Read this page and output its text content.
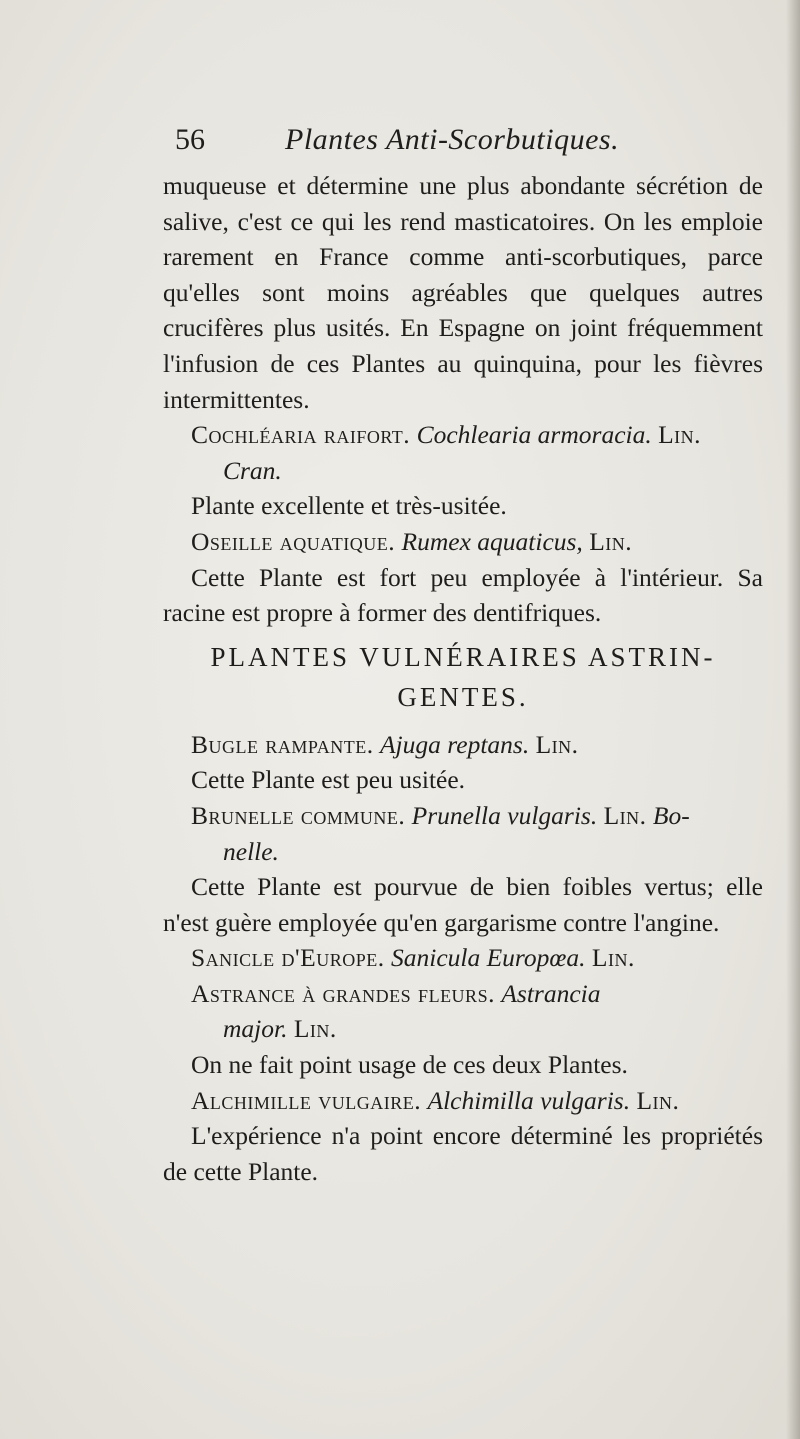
56	Plantes Anti-Scorbutiques.

muqueuse et détermine une plus abondante sécrétion de salive, c'est ce qui les rend masticatoires. On les emploie rarement en France comme anti-scorbutiques, parce qu'elles sont moins agréables que quelques autres crucifères plus usités. En Espagne on joint fréquemment l'infusion de ces Plantes au quinquina, pour les fièvres intermittentes.

Cochléaria raifort. Cochlearia armoracia. Lin.
Cran.

Plante excellente et très-usitée.

Oseille aquatique. Rumex aquaticus, Lin.

Cette Plante est fort peu employée à l'intérieur. Sa racine est propre à former des dentifriques.

PLANTES VULNÉRAIRES ASTRIN-
GENTES.

Bugle rampante. Ajuga reptans. Lin.

Cette Plante est peu usitée.

Brunelle commune. Prunella vulgaris. Lin. Bo-
nelle.

Cette Plante est pourvue de bien foibles vertus; elle n'est guère employée qu'en gargarisme contre l'angine.

Sanicle d'Europe. Sanicula Europœa. Lin.

Astrance à grandes fleurs. Astrancia
major. Lin.

On ne fait point usage de ces deux Plantes.

Alchimille vulgaire. Alchimilla vulgaris. Lin.

L'expérience n'a point encore déterminé les propriétés de cette Plante.
